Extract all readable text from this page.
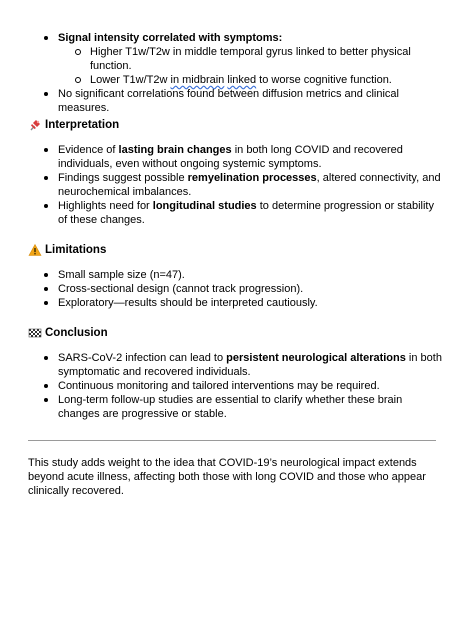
Signal intensity correlated with symptoms:
Higher T1w/T2w in middle temporal gyrus linked to better physical function.
Lower T1w/T2w in midbrain linked to worse cognitive function.
No significant correlations found between diffusion metrics and clinical measures.
Interpretation
Evidence of lasting brain changes in both long COVID and recovered individuals, even without ongoing systemic symptoms.
Findings suggest possible remyelination processes, altered connectivity, and neurochemical imbalances.
Highlights need for longitudinal studies to determine progression or stability of these changes.
Limitations
Small sample size (n=47).
Cross-sectional design (cannot track progression).
Exploratory—results should be interpreted cautiously.
Conclusion
SARS-CoV-2 infection can lead to persistent neurological alterations in both symptomatic and recovered individuals.
Continuous monitoring and tailored interventions may be required.
Long-term follow-up studies are essential to clarify whether these brain changes are progressive or stable.

This study adds weight to the idea that COVID-19’s neurological impact extends beyond acute illness, affecting both those with long COVID and those who appear clinically recovered.
